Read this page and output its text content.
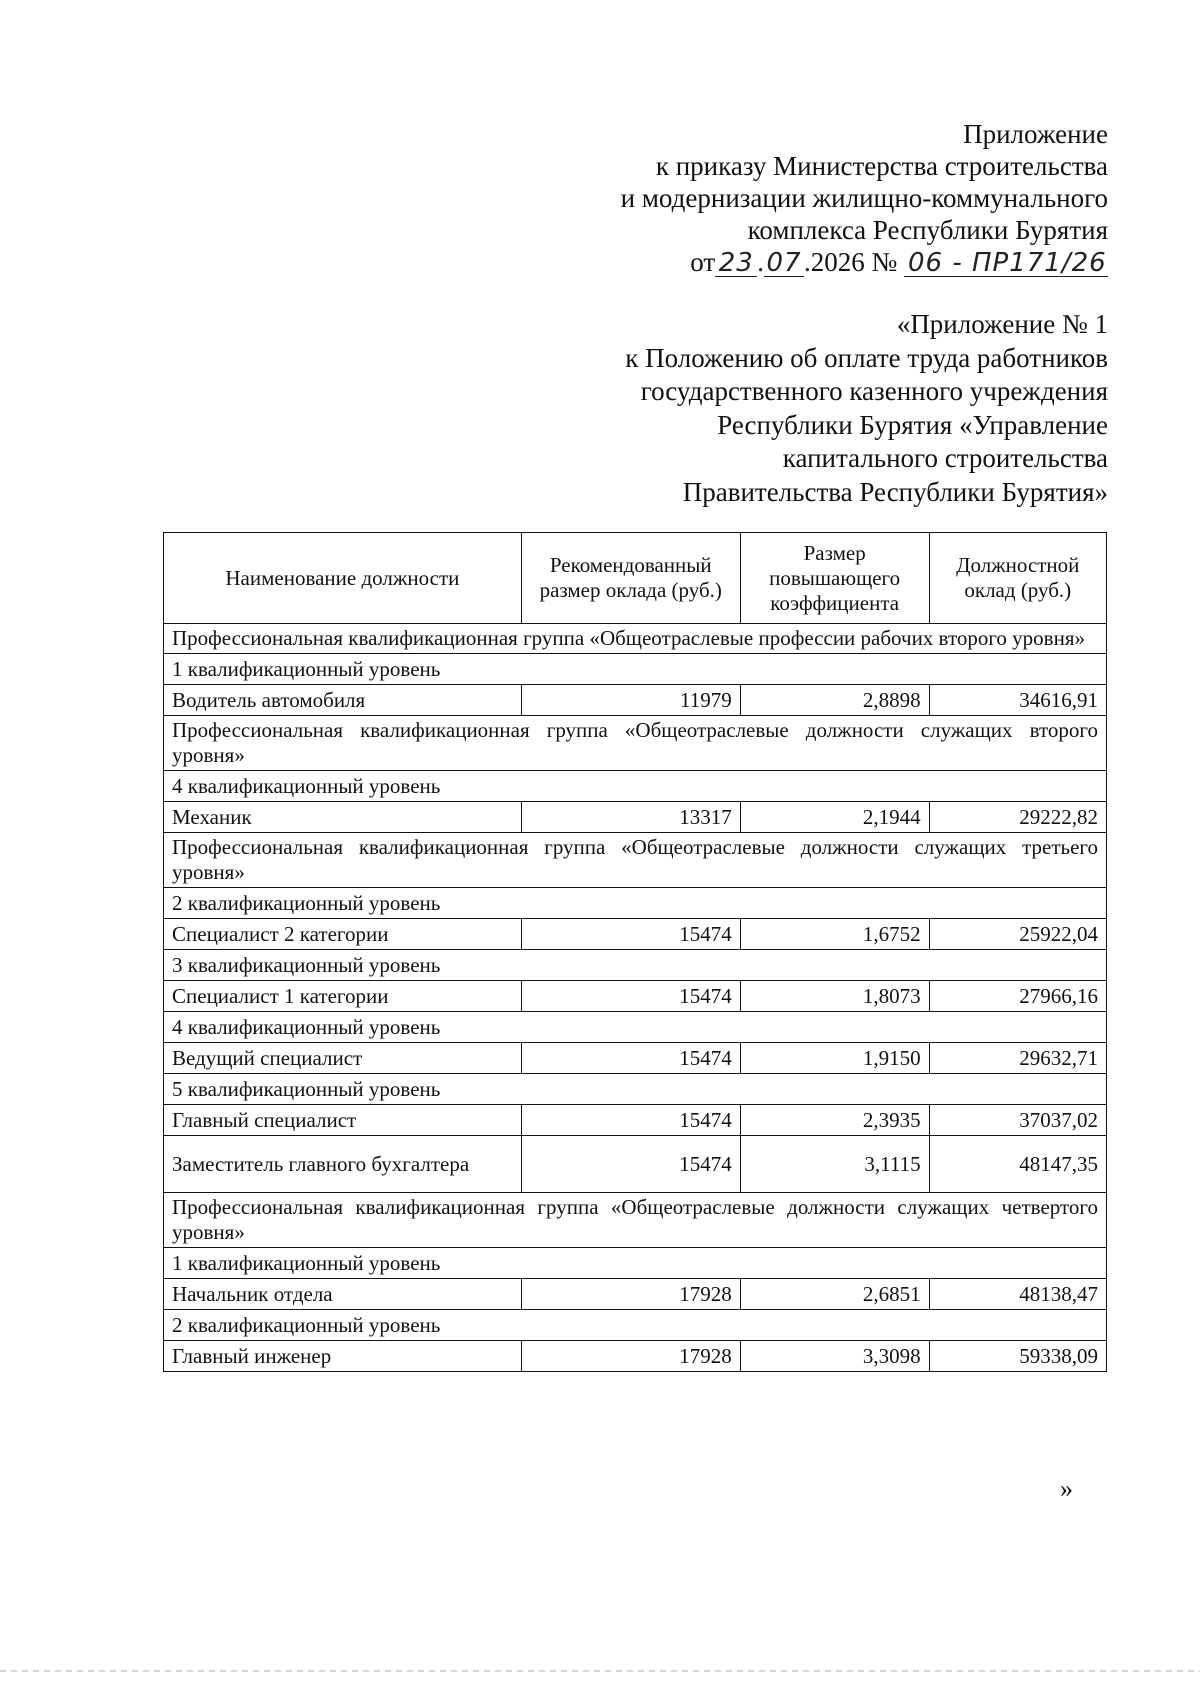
Приложение
к приказу Министерства строительства
и модернизации жилищно-коммунального
комплекса Республики Бурятия
от 23 .07.2026 № 06 - ПР171/26
«Приложение № 1
к Положению об оплате труда работников
государственного казенного учреждения
Республики Бурятия «Управление
капитального строительства
Правительства Республики Бурятия»
Наименование должности	Рекомендованный размер оклада (руб.)	Размер повышающего коэффициента	Должностной оклад (руб.)
Профессиональная квалификационная группа «Общеотраслевые профессии рабочих второго уровня»			
1 квалификационный уровень			
Водитель автомобиля	11979	2,8898	34616,91
Профессиональная квалификационная группа «Общеотраслевые должности служащих второго уровня»			
4 квалификационный уровень			
Механик	13317	2,1944	29222,82
Профессиональная квалификационная группа «Общеотраслевые должности служащих третьего уровня»			
2 квалификационный уровень			
Специалист 2 категории	15474	1,6752	25922,04
3 квалификационный уровень			
Специалист 1 категории	15474	1,8073	27966,16
4 квалификационный уровень			
Ведущий специалист	15474	1,9150	29632,71
5 квалификационный уровень			
Главный специалист	15474	2,3935	37037,02
Заместитель главного бухгалтера	15474	3,1115	48147,35
Профессиональная квалификационная группа «Общеотраслевые должности служащих четвертого уровня»			
1 квалификационный уровень			
Начальник отдела	17928	2,6851	48138,47
2 квалификационный уровень			
Главный инженер	17928	3,3098	59338,09
»
